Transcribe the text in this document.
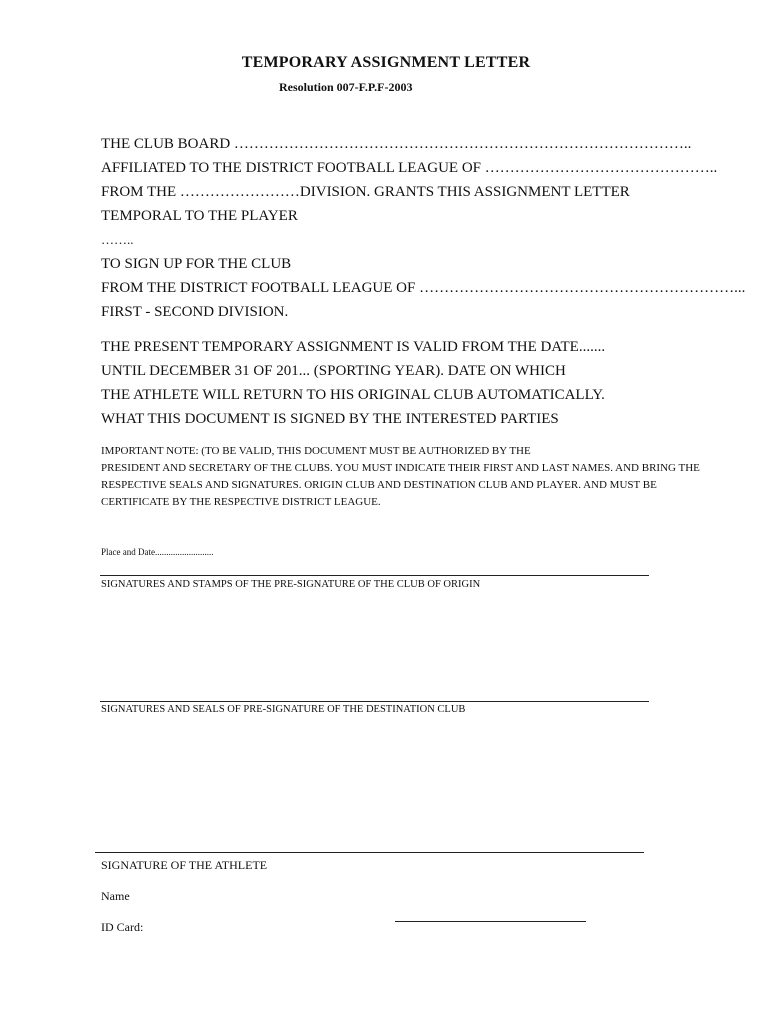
TEMPORARY ASSIGNMENT LETTER
Resolution 007-F.P.F-2003
THE CLUB BOARD ………………………………………………………………………………..
AFFILIATED TO THE DISTRICT FOOTBALL LEAGUE OF ………………………………………..
FROM THE ……………………DIVISION. GRANTS THIS ASSIGNMENT LETTER
TEMPORAL TO THE PLAYER
……..
TO SIGN UP FOR THE CLUB
FROM THE DISTRICT FOOTBALL LEAGUE OF ………………………………………………………...
FIRST - SECOND DIVISION.
THE PRESENT TEMPORARY ASSIGNMENT IS VALID FROM THE DATE.......
UNTIL DECEMBER 31 OF 201... (SPORTING YEAR). DATE ON WHICH
THE ATHLETE WILL RETURN TO HIS ORIGINAL CLUB AUTOMATICALLY.
WHAT THIS DOCUMENT IS SIGNED BY THE INTERESTED PARTIES
IMPORTANT NOTE: (TO BE VALID, THIS DOCUMENT MUST BE AUTHORIZED BY THE
PRESIDENT AND SECRETARY OF THE CLUBS. YOU MUST INDICATE THEIR FIRST AND LAST NAMES. AND BRING THE
RESPECTIVE SEALS AND SIGNATURES. ORIGIN CLUB AND DESTINATION CLUB AND PLAYER. AND MUST BE
CERTIFICATE BY THE RESPECTIVE DISTRICT LEAGUE.
Place and Date..........................
SIGNATURES AND STAMPS OF THE PRE-SIGNATURE OF THE CLUB OF ORIGIN
SIGNATURES AND SEALS OF PRE-SIGNATURE OF THE DESTINATION CLUB
SIGNATURE OF THE ATHLETE
Name
ID Card:
